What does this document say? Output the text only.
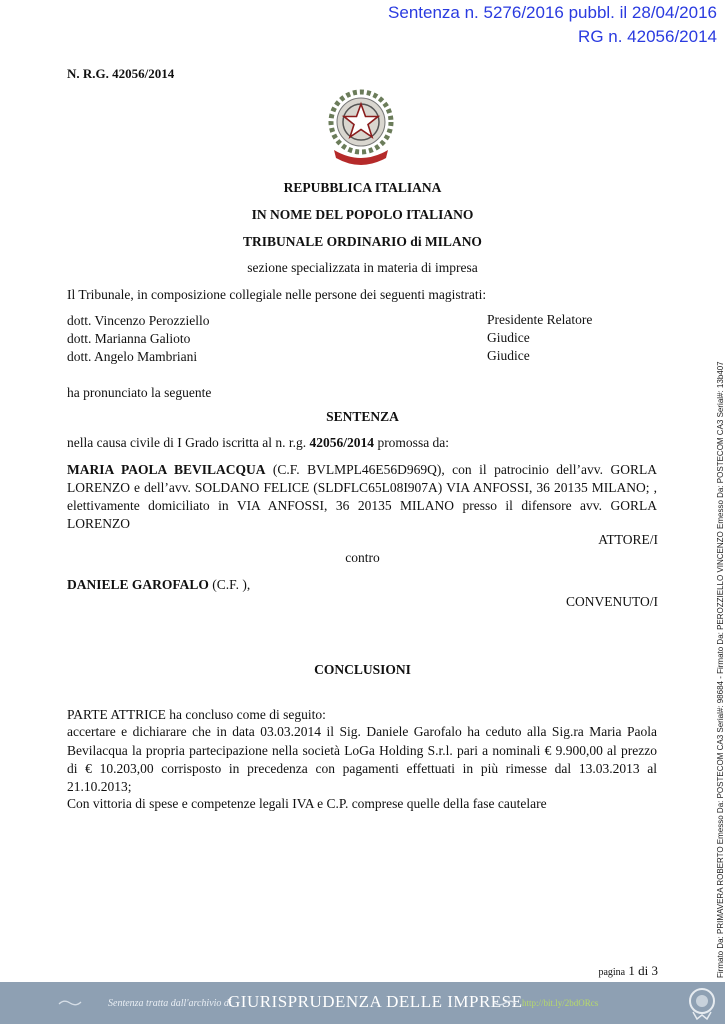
Sentenza n. 5276/2016 pubbl. il 28/04/2016
RG n. 42056/2014
N. R.G. 42056/2014
REPUBBLICA ITALIANA
IN NOME DEL POPOLO ITALIANO
TRIBUNALE ORDINARIO di MILANO
sezione specializzata in materia di impresa
Il Tribunale, in composizione collegiale nelle persone dei seguenti magistrati:
dott. Vincenzo Perozziello	Presidente Relatore
dott. Marianna Galioto	Giudice
dott. Angelo Mambriani	Giudice
ha pronunciato la seguente
SENTENZA
nella causa civile di I Grado iscritta al n. r.g. 42056/2014 promossa da:
MARIA PAOLA BEVILACQUA (C.F. BVLMPL46E56D969Q), con il patrocinio dell’avv. GORLA LORENZO e dell’avv. SOLDANO FELICE (SLDFLC65L08I907A) VIA ANFOSSI, 36 20135 MILANO; , elettivamente domiciliato in VIA ANFOSSI, 36 20135 MILANO presso il difensore avv. GORLA LORENZO
ATTORE/I
contro
DANIELE GAROFALO (C.F. ),
CONVENUTO/I
CONCLUSIONI
PARTE ATTRICE ha concluso come di seguito:
accertare e dichiarare che in data 03.03.2014 il Sig. Daniele Garofalo ha ceduto alla Sig.ra Maria Paola Bevilacqua la propria partecipazione nella società LoGa Holding S.r.l. pari a nominali € 9.900,00 al prezzo di € 10.203,00 corrisposto in precedenza con pagamenti effettuati in più rimesse dal 13.03.2013 al 21.10.2013;
Con vittoria di spese e competenze legali IVA e C.P. comprese quelle della fase cautelare
pagina 1 di 3	Firmato Da: PRIMAVERA ROBERTO Emesso Da: POSTECOM CA3 Serial#: 98684 - Firmato Da: PEROZZIELLO VINCENZO Emesso Da: POSTECOM CA3 Serial#: 13b407
Sentenza tratta dall'archivio di
GIURISPRUDENZA DELLE IMPRESE http://bit.ly/2bdORcs
